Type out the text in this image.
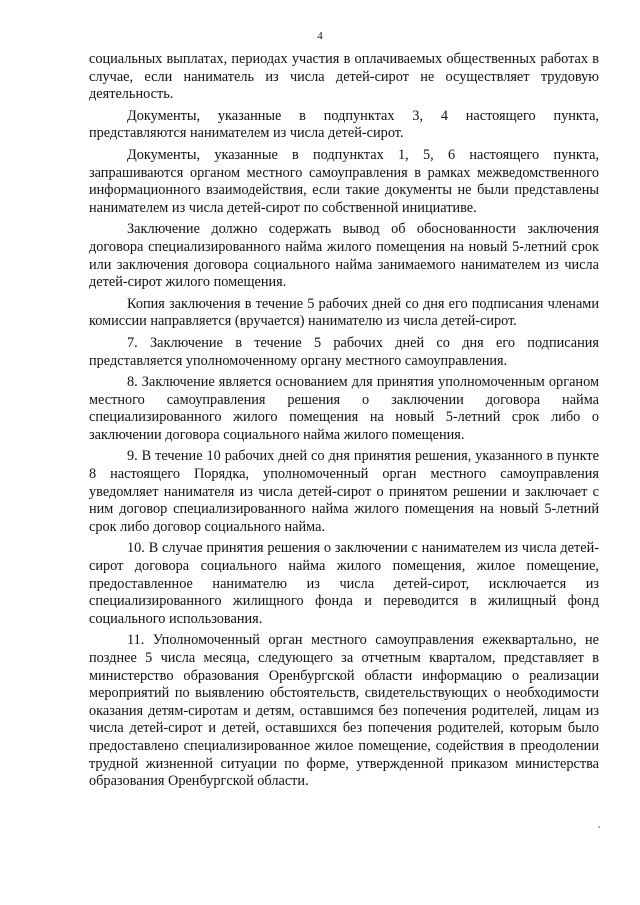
4

социальных выплатах, периодах участия в оплачиваемых общественных работах в случае, если наниматель из числа детей-сирот не осуществляет трудовую деятельность.

Документы, указанные в подпунктах 3, 4 настоящего пункта, представляются нанимателем из числа детей-сирот.

Документы, указанные в подпунктах 1, 5, 6 настоящего пункта, запрашиваются органом местного самоуправления в рамках межведомственного информационного взаимодействия, если такие документы не были представлены нанимателем из числа детей-сирот по собственной инициативе.

Заключение должно содержать вывод об обоснованности заключения договора специализированного найма жилого помещения на новый 5-летний срок или заключения договора социального найма занимаемого нанимателем из числа детей-сирот жилого помещения.

Копия заключения в течение 5 рабочих дней со дня его подписания членами комиссии направляется (вручается) нанимателю из числа детей-сирот.

7. Заключение в течение 5 рабочих дней со дня его подписания представляется уполномоченному органу местного самоуправления.

8. Заключение является основанием для принятия уполномоченным органом местного самоуправления решения о заключении договора найма специализированного жилого помещения на новый 5-летний срок либо о заключении договора социального найма жилого помещения.

9. В течение 10 рабочих дней со дня принятия решения, указанного в пункте 8 настоящего Порядка, уполномоченный орган местного самоуправления уведомляет нанимателя из числа детей-сирот о принятом решении и заключает с ним договор специализированного найма жилого помещения на новый 5-летний срок либо договор социального найма.

10. В случае принятия решения о заключении с нанимателем из числа детей-сирот договора социального найма жилого помещения, жилое помещение, предоставленное нанимателю из числа детей-сирот, исключается из специализированного жилищного фонда и переводится в жилищный фонд социального использования.

11. Уполномоченный орган местного самоуправления ежеквартально, не позднее 5 числа месяца, следующего за отчетным кварталом, представляет в министерство образования Оренбургской области информацию о реализации мероприятий по выявлению обстоятельств, свидетельствующих о необходимости оказания детям-сиротам и детям, оставшимся без попечения родителей, лицам из числа детей-сирот и детей, оставшихся без попечения родителей, которым было предоставлено специализированное жилое помещение, содействия в преодолении трудной жизненной ситуации по форме, утвержденной приказом министерства образования Оренбургской области.
